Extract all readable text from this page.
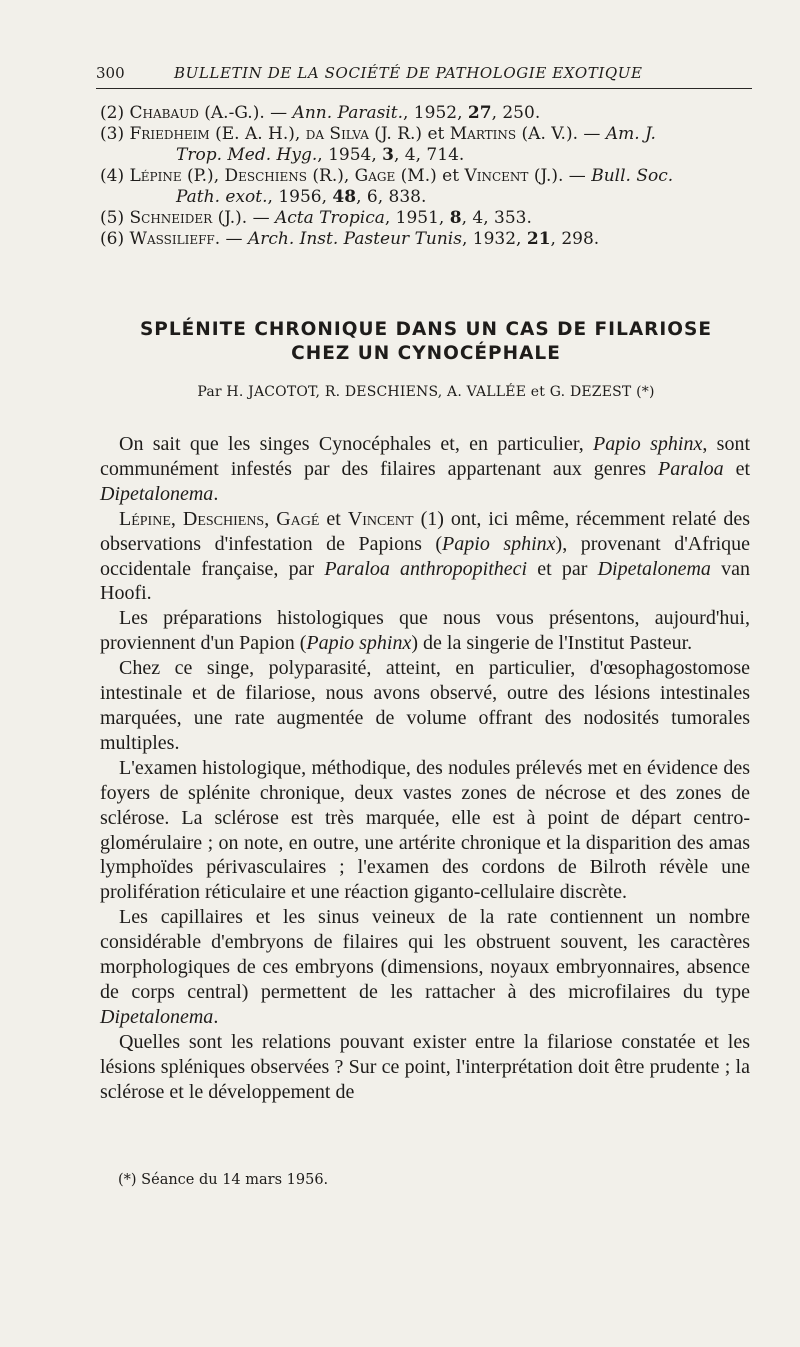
300	BULLETIN DE LA SOCIÉTÉ DE PATHOLOGIE EXOTIQUE

(2) Chabaud (A.-G.). — Ann. Parasit., 1952, 27, 250.

(3) Friedheim (E. A. H.), da Silva (J. R.) et Martins (A. V.). — Am. J.
Trop. Med. Hyg., 1954, 3, 4, 714.

(4) Lépine (P.), Deschiens (R.), Gage (M.) et Vincent (J.). — Bull. Soc.
Path. exot., 1956, 48, 6, 838.

(5) Schneider (J.). — Acta Tropica, 1951, 8, 4, 353.

(6) Wassilieff. — Arch. Inst. Pasteur Tunis, 1932, 21, 298.

SPLÉNITE CHRONIQUE DANS UN CAS DE FILARIOSE
CHEZ UN CYNOCÉPHALE
Par H. JACOTOT, R. DESCHIENS, A. VALLÉE et G. DEZEST (*)

On sait que les singes Cynocéphales et, en particulier, Papio sphinx, sont communément infestés par des filaires appartenant aux genres Paraloa et Dipetalonema.

Lépine, Deschiens, Gagé et Vincent (1) ont, ici même, récemment relaté des observations d'infestation de Papions (Papio sphinx), provenant d'Afrique occidentale française, par Paraloa anthropopitheci et par Dipetalonema van Hoofi.

Les préparations histologiques que nous vous présentons, aujourd'hui, proviennent d'un Papion (Papio sphinx) de la singerie de l'Institut Pasteur.

Chez ce singe, polyparasité, atteint, en particulier, d'œsophagostomose intestinale et de filariose, nous avons observé, outre des lésions intestinales marquées, une rate augmentée de volume offrant des nodosités tumorales multiples.

L'examen histologique, méthodique, des nodules prélevés met en évidence des foyers de splénite chronique, deux vastes zones de nécrose et des zones de sclérose. La sclérose est très marquée, elle est à point de départ centro-glomérulaire ; on note, en outre, une artérite chronique et la disparition des amas lymphoïdes périvasculaires ; l'examen des cordons de Bilroth révèle une prolifération réticulaire et une réaction giganto-cellulaire discrète.

Les capillaires et les sinus veineux de la rate contiennent un nombre considérable d'embryons de filaires qui les obstruent souvent, les caractères morphologiques de ces embryons (dimensions, noyaux embryonnaires, absence de corps central) permettent de les rattacher à des microfilaires du type Dipetalonema.

Quelles sont les relations pouvant exister entre la filariose constatée et les lésions spléniques observées ? Sur ce point, l'interprétation doit être prudente ; la sclérose et le développement de

(*) Séance du 14 mars 1956.
